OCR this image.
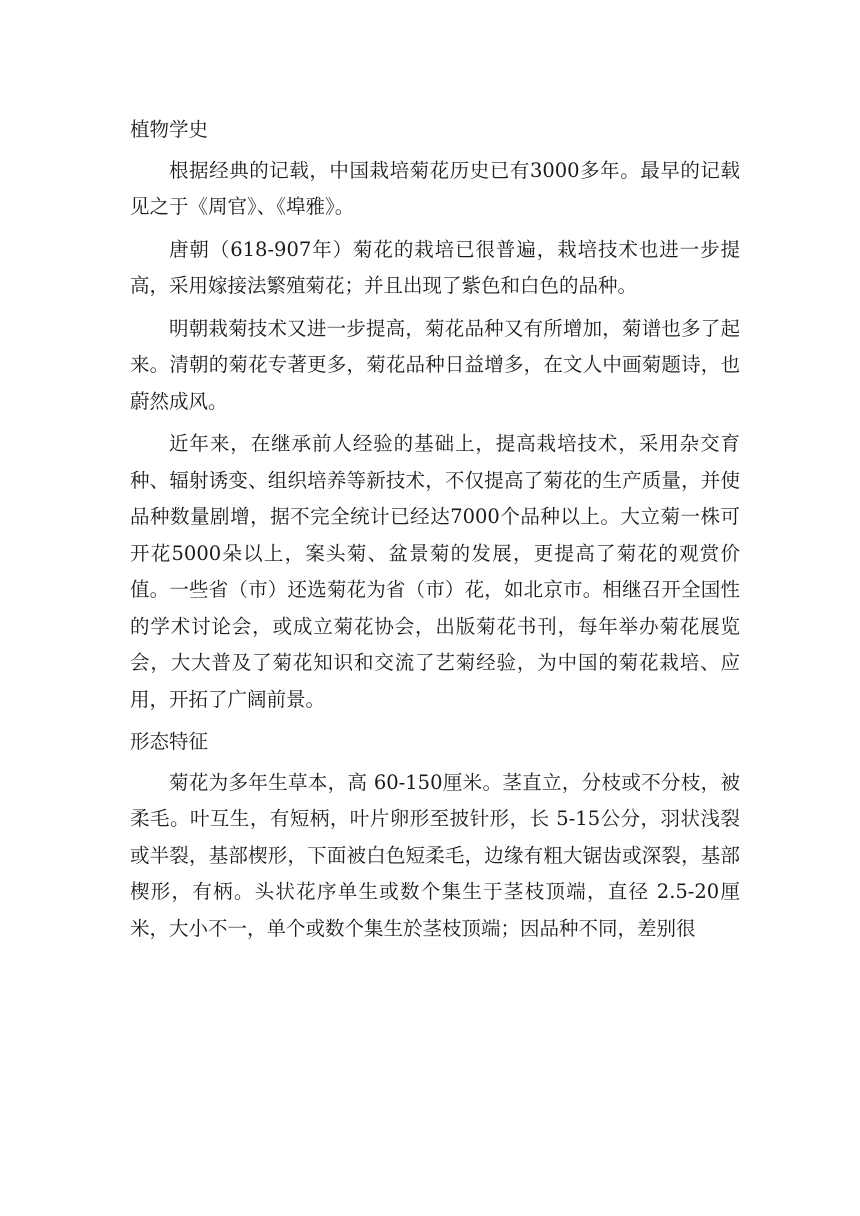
植物学史

根据经典的记载，中国栽培菊花历史已有3000多年。最早的记载见之于《周官》、《埠雅》。

唐朝（618-907年）菊花的栽培已很普遍，栽培技术也进一步提高，采用嫁接法繁殖菊花；并且出现了紫色和白色的品种。

明朝栽菊技术又进一步提高，菊花品种又有所增加，菊谱也多了起来。清朝的菊花专著更多，菊花品种日益增多，在文人中画菊题诗，也蔚然成风。

近年来，在继承前人经验的基础上，提高栽培技术，采用杂交育种、辐射诱变、组织培养等新技术，不仅提高了菊花的生产质量，并使品种数量剧增，据不完全统计已经达7000个品种以上。大立菊一株可开花5000朵以上，案头菊、盆景菊的发展，更提高了菊花的观赏价值。一些省（市）还选菊花为省（市）花，如北京市。相继召开全国性的学术讨论会，或成立菊花协会，出版菊花书刊，每年举办菊花展览会，大大普及了菊花知识和交流了艺菊经验，为中国的菊花栽培、应用，开拓了广阔前景。

形态特征

菊花为多年生草本，高 60-150厘米。茎直立，分枝或不分枝，被柔毛。叶互生，有短柄，叶片卵形至披针形，长 5-15公分，羽状浅裂或半裂，基部楔形，下面被白色短柔毛，边缘有粗大锯齿或深裂，基部楔形，有柄。头状花序单生或数个集生于茎枝顶端，直径 2.5-20厘米，大小不一，单个或数个集生於茎枝顶端；因品种不同，差别很
